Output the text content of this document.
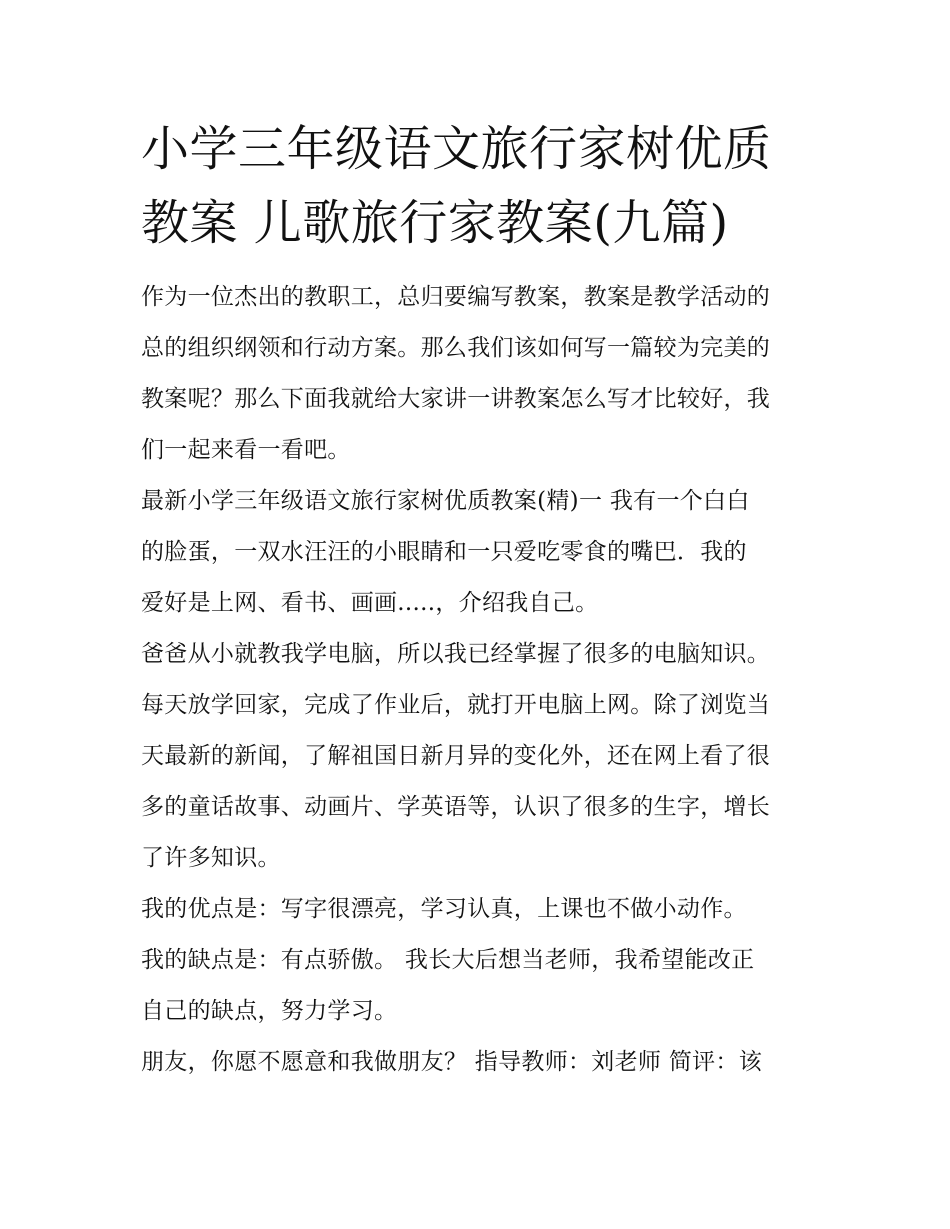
小学三年级语文旅行家树优质
教案 儿歌旅行家教案(九篇)

作为一位杰出的教职工，总归要编写教案，教案是教学活动的
总的组织纲领和行动方案。那么我们该如何写一篇较为完美的
教案呢？那么下面我就给大家讲一讲教案怎么写才比较好，我
们一起来看一看吧。

最新小学三年级语文旅行家树优质教案(精)一 我有一个白白
的脸蛋，一双水汪汪的小眼睛和一只爱吃零食的嘴巴．我的
爱好是上网、看书、画画.....，介绍我自己。

爸爸从小就教我学电脑，所以我已经掌握了很多的电脑知识。

每天放学回家，完成了作业后，就打开电脑上网。除了浏览当
天最新的新闻，了解祖国日新月异的变化外，还在网上看了很
多的童话故事、动画片、学英语等，认识了很多的生字，增长
了许多知识。

我的优点是：写字很漂亮，学习认真，上课也不做小动作。

我的缺点是：有点骄傲。 我长大后想当老师，我希望能改正
自己的缺点，努力学习。

朋友，你愿不愿意和我做朋友？ 指导教师：刘老师 简评：该
